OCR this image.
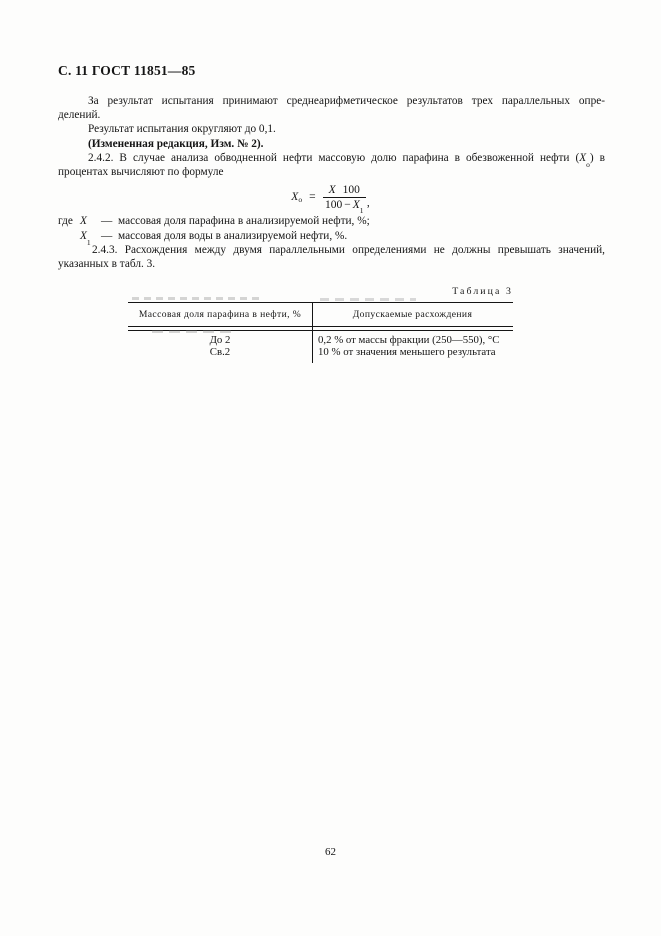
С. 11 ГОСТ 11851—85
За результат испытания принимают среднеарифметическое результатов трех параллельных опре-
делений.
Результат испытания округляют до 0,1.
(Измененная редакция, Изм. № 2).
2.4.2. В случае анализа обводненной нефти массовую долю парафина в обезвоженной нефти $(X_о)$ в
процентах вычисляют по формуле
$X_о = \frac{X 100}{100 - X_1}$ ,
где X	— массовая доля парафина в анализируемой нефти, %;
$X_1$
— массовая доля воды в анализируемой нефти, %.
2.4.3. Расхождения между двумя параллельными определениями не должны превышать значений,
указанных в табл. 3.
Таблица 3
Массовая доля парафина в нефти, %	Допускаемые расхождения
До 2	0,2 % от массы фракции (250—550), °С
Св.2	10 % от значения меньшего результата
62
